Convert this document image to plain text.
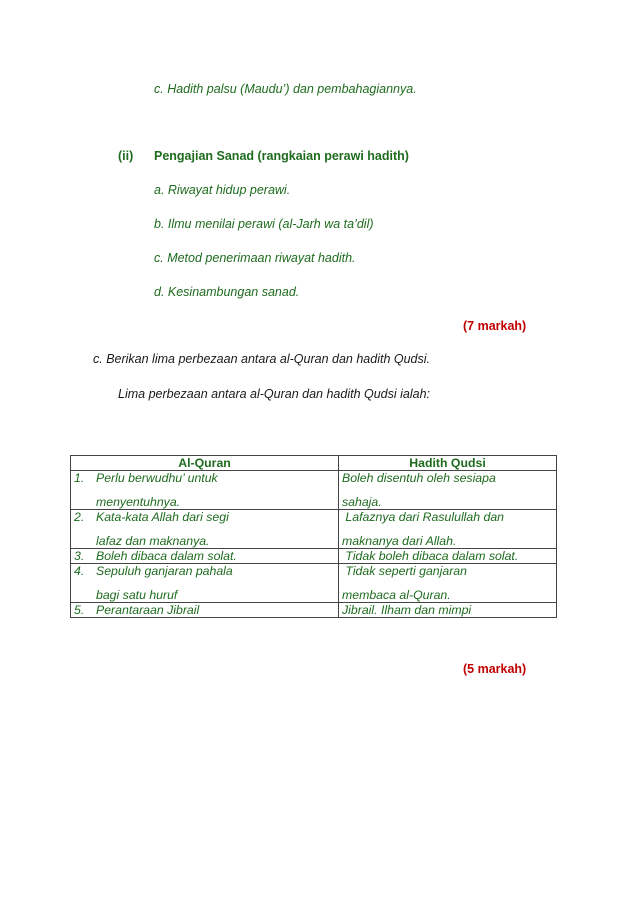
c. Hadith palsu (Maudu’) dan pembahagiannya.
(ii) Pengajian Sanad (rangkaian perawi hadith)
a. Riwayat hidup perawi.
b. Ilmu menilai perawi (al-Jarh wa ta’dil)
c. Metod penerimaan riwayat hadith.
d. Kesinambungan sanad.
(7 markah)
c. Berikan lima perbezaan antara al-Quran dan hadith Qudsi.
Lima perbezaan antara al-Quran dan hadith Qudsi ialah:
Al-Quran	Hadith Qudsi

1. Perlu berwudhu’ untuk
menyentuhnya.	Boleh disentuh oleh sesiapa
sahaja.

2. Kata-kata Allah dari segi
lafaz dan maknanya.	Lafaznya dari Rasulullah dan
maknanya dari Allah.

3. Boleh dibaca dalam solat.	Tidak boleh dibaca dalam solat.

4. Sepuluh ganjaran pahala
bagi satu huruf	Tidak seperti ganjaran
membaca al-Quran.

5. Perantaraan Jibrail	Jibrail. Ilham dan mimpi
(5 markah)
